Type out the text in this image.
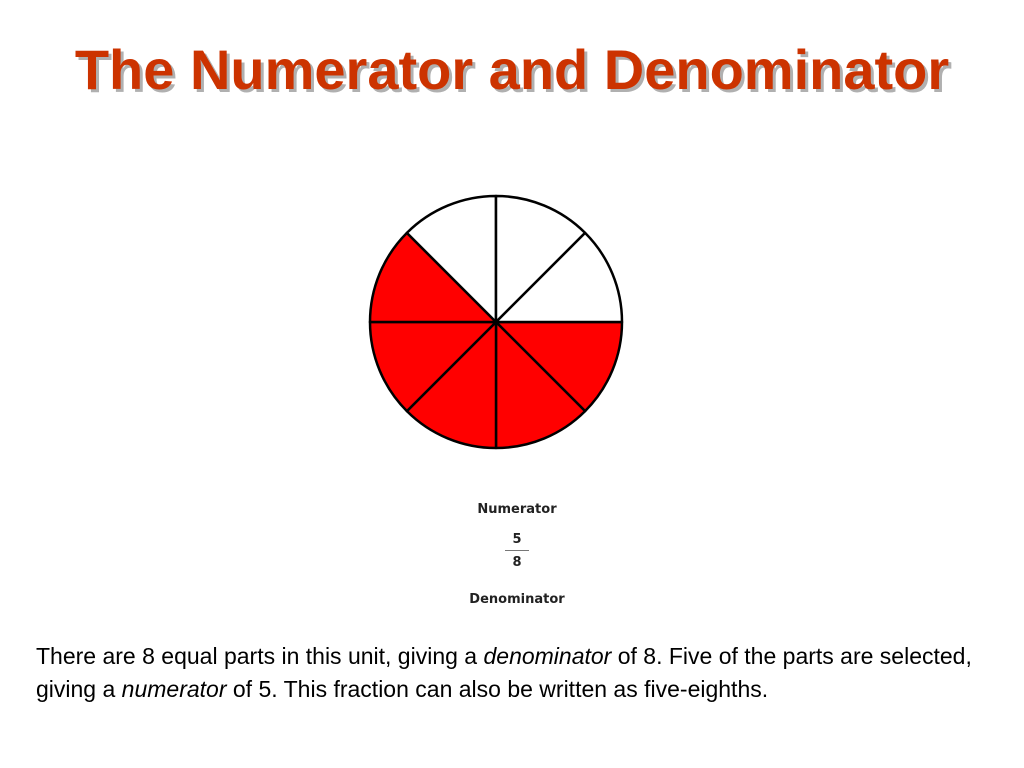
The Numerator and Denominator
Numerator
5
8
Denominator

There are 8 equal parts in this unit, giving a denominator of 8. Five of the parts are selected, giving a numerator of 5. This fraction can also be written as five-eighths.
